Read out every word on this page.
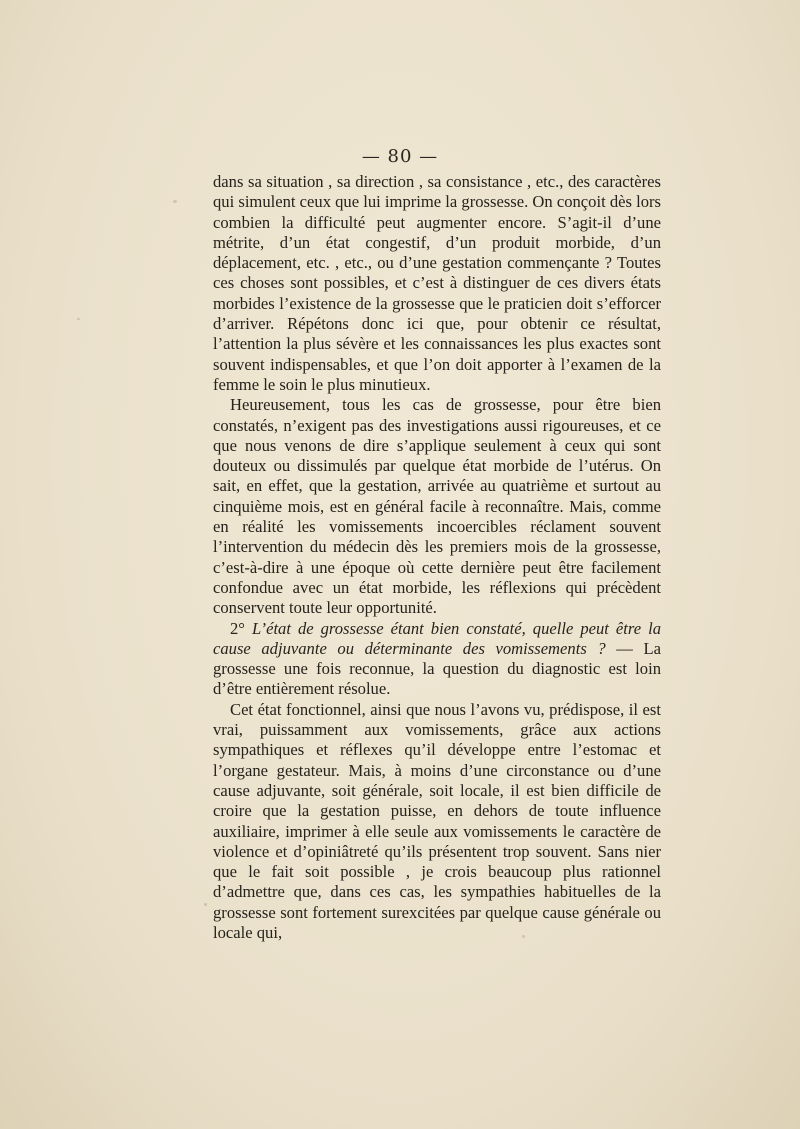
— 80 —

dans sa situation , sa direction , sa consistance , etc., des caractères qui simulent ceux que lui imprime la grossesse. On conçoit dès lors combien la difficulté peut augmenter encore. S’agit-il d’une métrite, d’un état congestif, d’un produit morbide, d’un déplacement, etc. , etc., ou d’une gestation commençante ? Toutes ces choses sont possibles, et c’est à distinguer de ces divers états morbides l’existence de la grossesse que le praticien doit s’efforcer d’arriver. Répétons donc ici que, pour obtenir ce résultat, l’attention la plus sévère et les connaissances les plus exactes sont souvent indispensables, et que l’on doit apporter à l’examen de la femme le soin le plus minutieux.

Heureusement, tous les cas de grossesse, pour être bien constatés, n’exigent pas des investigations aussi rigoureuses, et ce que nous venons de dire s’applique seulement à ceux qui sont douteux ou dissimulés par quelque état morbide de l’utérus. On sait, en effet, que la gestation, arrivée au quatrième et surtout au cinquième mois, est en général facile à reconnaître. Mais, comme en réalité les vomissements incoercibles réclament souvent l’intervention du médecin dès les premiers mois de la grossesse, c’est-à-dire à une époque où cette dernière peut être facilement confondue avec un état morbide, les réflexions qui précèdent conservent toute leur opportunité.

2° L’état de grossesse étant bien constaté, quelle peut être la cause adjuvante ou déterminante des vomissements ? — La grossesse une fois reconnue, la question du diagnostic est loin d’être entièrement résolue.

Cet état fonctionnel, ainsi que nous l’avons vu, prédispose, il est vrai, puissamment aux vomissements, grâce aux actions sympathiques et réflexes qu’il développe entre l’estomac et l’organe gestateur. Mais, à moins d’une circonstance ou d’une cause adjuvante, soit générale, soit locale, il est bien difficile de croire que la gestation puisse, en dehors de toute influence auxiliaire, imprimer à elle seule aux vomissements le caractère de violence et d’opiniâtreté qu’ils présentent trop souvent. Sans nier que le fait soit possible , je crois beaucoup plus rationnel d’admettre que, dans ces cas, les sympathies habituelles de la grossesse sont fortement surexcitées par quelque cause générale ou locale qui,
